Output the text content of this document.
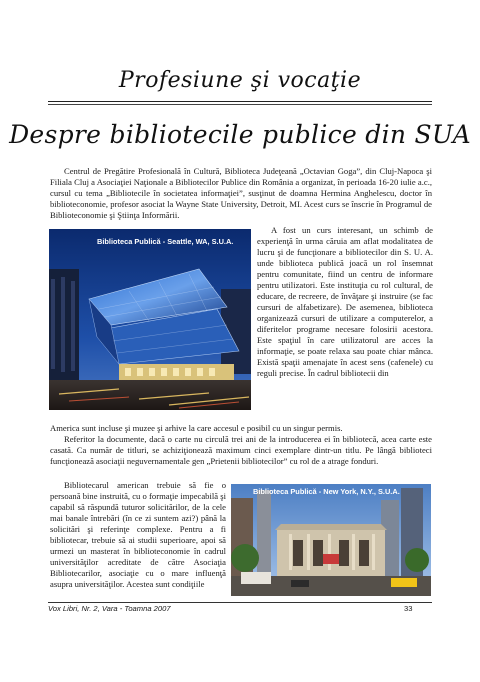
Profesiune şi vocaţie
Despre bibliotecile publice din SUA

Centrul de Pregătire Profesională în Cultură, Biblioteca Judeţeană „Octavian Goga”, din Cluj-Napoca şi Filiala Cluj a Asociaţiei Naţionale a Bibliotecilor Publice din România a organizat, în perioada 16-20 iulie a.c., cursul cu tema „Bibliotecile în societatea informaţiei”, susţinut de doamna Hermina Anghelescu, doctor în biblioteconomie, profesor asociat la Wayne State University, Detroit, MI. Acest curs se înscrie în Programul de Biblioteconomie şi Ştiinţa Informării.

Biblioteca Publică - Seattle, WA, S.U.A.

A fost un curs interesant, un schimb de experienţă în urma căruia am aflat modalitatea de lucru şi de funcţionare a bibliotecilor din S. U. A. unde biblioteca publică joacă un rol însemnat pentru comunitate, fiind un centru de informare pentru utilizatori. Este instituţia cu rol cultural, de educare, de recreere, de învăţare şi instruire (se fac cursuri de alfabetizare). De asemenea, biblioteca organizează cursuri de utilizare a computerelor, a diferitelor programe necesare folosirii acestora. Este spaţiul în care utilizatorul are acces la informaţie, se poate relaxa sau poate chiar mânca. Există spaţii amenajate în acest sens (cafenele) cu reguli precise. În cadrul bibliotecii din

America sunt incluse şi muzee şi arhive la care accesul e posibil cu un singur permis.

Referitor la documente, dacă o carte nu circulă trei ani de la introducerea ei în bibliotecă, acea carte este casată. Ca număr de titluri, se achiziţionează maximum cinci exemplare dintr-un titlu. Pe lângă biblioteci funcţionează asociaţii neguvernamentale gen „Prietenii bibliotecilor” cu rol de a atrage fonduri.

Bibliotecarul american trebuie să fie o persoană bine instruită, cu o formaţie impecabilă şi capabil să răspundă tuturor solicitărilor, de la cele mai banale întrebări (în ce zi suntem azi?) până la solicitări şi referinţe complexe. Pentru a fi bibliotecar, trebuie să ai studii superioare, apoi să urmezi un masterat în biblioteconomie în cadrul universităţilor acreditate de către Asociaţia Bibliotecarilor, asociaţie cu o mare influenţă asupra universităţilor. Acestea sunt condiţiile

Biblioteca Publică - New York, N.Y., S.U.A.
Vox Libri, Nr. 2, Vara - Toamna 2007	33
